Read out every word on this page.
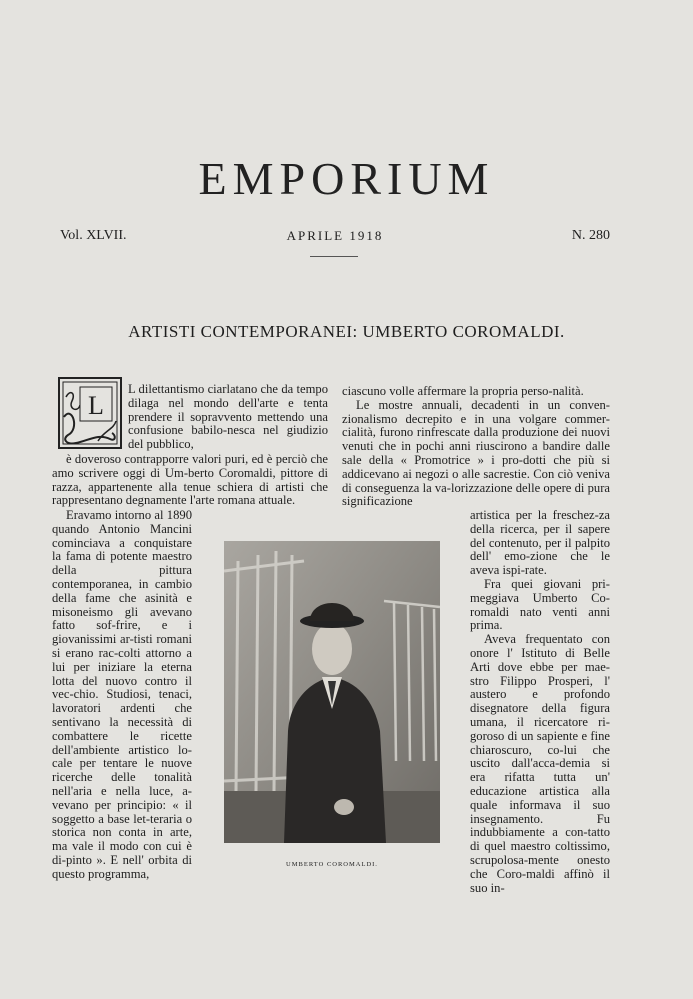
EMPORIUM
Vol. XLVII.	APRILE 1918	N. 280
ARTISTI CONTEMPORANEI: UMBERTO COROMALDI.
L

L dilettantismo ciarlatano che da tempo dilaga nel mondo dell'arte e tenta prendere il sopravvento mettendo una confusione babilo-nesca nel giudizio del pubblico,

è doveroso contrapporre valori puri, ed è perciò che amo scrivere oggi di Um-berto Coromaldi, pittore di razza, appartenente alla tenue schiera di artisti che rappresentano degnamente l'arte romana attuale.

Eravamo intorno al 1890 quando Antonio Mancini cominciava a conquistare la fama di potente maestro della pittura contemporanea, in cambio della fame che asinità e misoneismo gli avevano fatto sof-frire, e i giovanissimi ar-tisti romani si erano rac-colti attorno a lui per iniziare la eterna lotta del nuovo contro il vec-chio. Studiosi, tenaci, lavoratori ardenti che sentivano la necessità di combattere le ricette dell'ambiente artistico lo-cale per tentare le nuove ricerche delle tonalità nell'aria e nella luce, a-vevano per principio: « il soggetto a base let-teraria o storica non conta in arte, ma vale il modo con cui è di-pinto ». E nell' orbita di questo programma,

ciascuno volle affermare la propria perso-nalità.

Le mostre annuali, decadenti in un conven-zionalismo decrepito e in una volgare commer-cialità, furono rinfrescate dalla produzione dei nuovi venuti che in pochi anni riuscirono a bandire dalle sale della « Promotrice » i pro-dotti che più si addicevano ai negozi o alle sacrestie. Con ciò veniva di conseguenza la va-lorizzazione delle opere di pura significazione

artistica per la freschez-za della ricerca, per il sapere del contenuto, per il palpito dell' emo-zione che le aveva ispi-rate.

Fra quei giovani pri-meggiava Umberto Co-romaldi nato venti anni prima.

Aveva frequentato con onore l' Istituto di Belle Arti dove ebbe per mae-stro Filippo Prosperi, l' austero e profondo disegnatore della figura umana, il ricercatore ri-goroso di un sapiente e fine chiaroscuro, co-lui che uscito dall'acca-demia si era rifatta tutta un' educazione artistica alla quale informava il suo insegnamento. Fu indubbiamente a con-tatto di quel maestro coltissimo, scrupolosa-mente onesto che Coro-maldi affinò il suo in-

UMBERTO COROMALDI.
